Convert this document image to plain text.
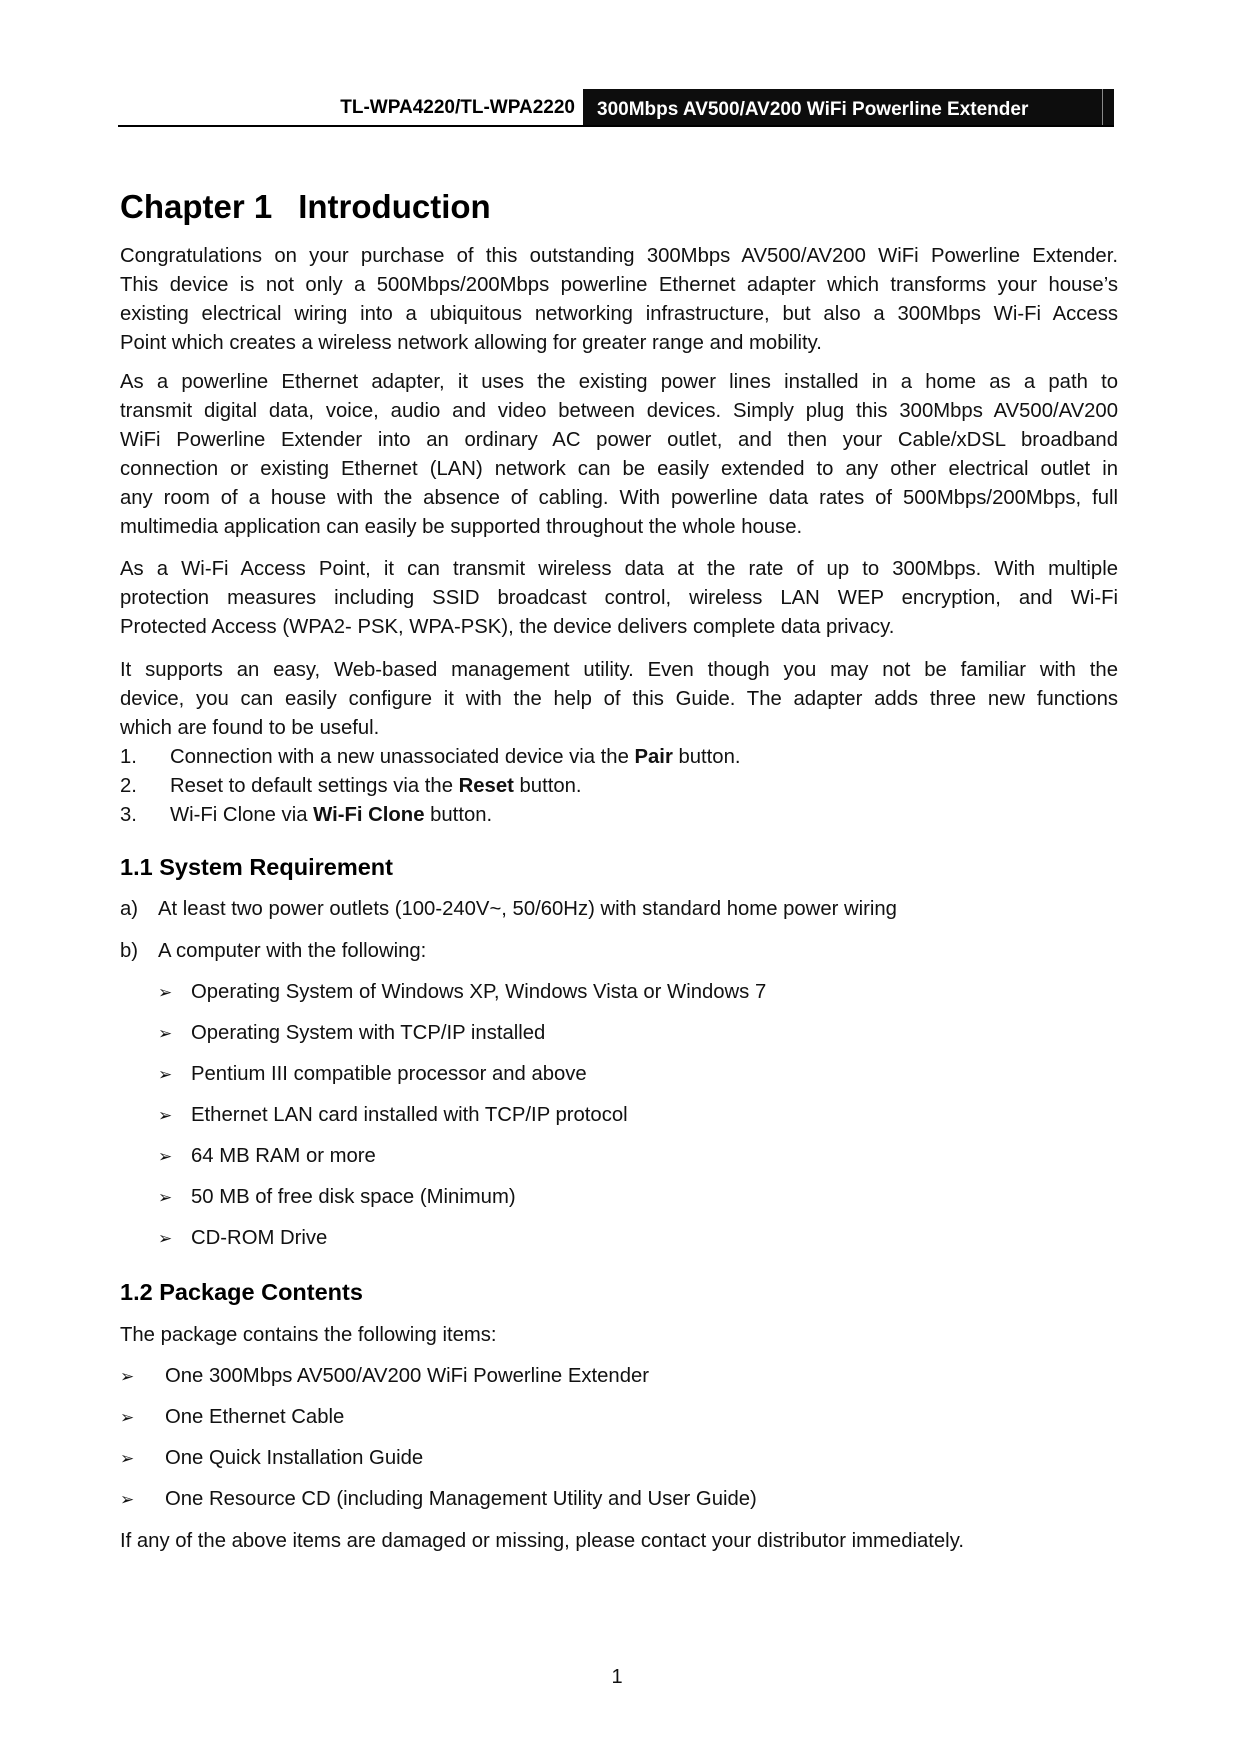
TL-WPA4220/TL-WPA2220 300Mbps AV500/AV200 WiFi Powerline Extender
Chapter 1 Introduction
Congratulations on your purchase of this outstanding 300Mbps AV500/AV200 WiFi Powerline Extender.
This device is not only a 500Mbps/200Mbps powerline Ethernet adapter which transforms your house’s
existing electrical wiring into a ubiquitous networking infrastructure, but also a 300Mbps Wi-Fi Access
Point which creates a wireless network allowing for greater range and mobility.
As a powerline Ethernet adapter, it uses the existing power lines installed in a home as a path to
transmit digital data, voice, audio and video between devices. Simply plug this 300Mbps AV500/AV200
WiFi Powerline Extender into an ordinary AC power outlet, and then your Cable/xDSL broadband
connection or existing Ethernet (LAN) network can be easily extended to any other electrical outlet in
any room of a house with the absence of cabling. With powerline data rates of 500Mbps/200Mbps, full
multimedia application can easily be supported throughout the whole house.
As a Wi-Fi Access Point, it can transmit wireless data at the rate of up to 300Mbps. With multiple
protection measures including SSID broadcast control, wireless LAN WEP encryption, and Wi-Fi
Protected Access (WPA2- PSK, WPA-PSK), the device delivers complete data privacy.
It supports an easy, Web-based management utility. Even though you may not be familiar with the
device, you can easily configure it with the help of this Guide. The adapter adds three new functions
which are found to be useful.
1. Connection with a new unassociated device via the Pair button.
2. Reset to default settings via the Reset button.
3. Wi-Fi Clone via Wi-Fi Clone button.
1.1 System Requirement
a) At least two power outlets (100-240V~, 50/60Hz) with standard home power wiring
b) A computer with the following:
➢ Operating System of Windows XP, Windows Vista or Windows 7
➢ Operating System with TCP/IP installed
➢ Pentium III compatible processor and above
➢ Ethernet LAN card installed with TCP/IP protocol
➢ 64 MB RAM or more
➢ 50 MB of free disk space (Minimum)
➢ CD-ROM Drive
1.2 Package Contents
The package contains the following items:
➢ One 300Mbps AV500/AV200 WiFi Powerline Extender
➢ One Ethernet Cable
➢ One Quick Installation Guide
➢ One Resource CD (including Management Utility and User Guide)
If any of the above items are damaged or missing, please contact your distributor immediately.
1
